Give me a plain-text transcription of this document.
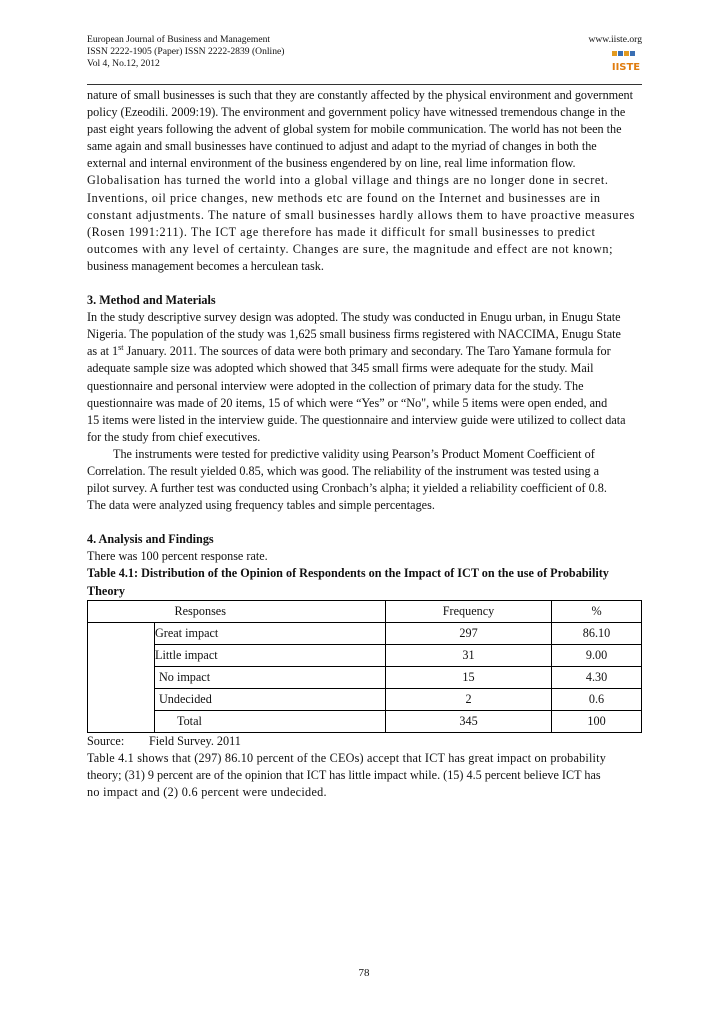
European Journal of Business and Management
ISSN 2222-1905 (Paper) ISSN 2222-2839 (Online)
Vol 4, No.12, 2012
www.iiste.org
IISTE

nature of small businesses is such that they are constantly affected by the physical environment and government

policy (Ezeodili. 2009:19). The environment and government policy have witnessed tremendous change in the

past eight years following the advent of global system for mobile communication. The world has not been the

same again and small businesses have continued to adjust and adapt to the myriad of changes in both the

external and internal environment of the business engendered by on line, real lime information flow.

Globalisation has turned the world into a global village and things are no longer done in secret.

Inventions, oil price changes, new methods etc are found on the Internet and businesses are in

constant adjustments. The nature of small businesses hardly allows them to have proactive measures

(Rosen 1991:211). The ICT age therefore has made it difficult for small businesses to predict

outcomes with any level of certainty. Changes are sure, the magnitude and effect are not known;

business management becomes a herculean task.

3. Method and Materials

In the study descriptive survey design was adopted. The study was conducted in Enugu urban, in Enugu State

Nigeria. The population of the study was 1,625 small business firms registered with NACCIMA, Enugu State

as at 1st January. 2011. The sources of data were both primary and secondary. The Taro Yamane formula for

adequate sample size was adopted which showed that 345 small firms were adequate for the study. Mail

questionnaire and personal interview were adopted in the collection of primary data for the study. The

questionnaire was made of 20 items, 15 of which were “Yes” or “No", while 5 items were open ended, and

15 items were listed in the interview guide. The questionnaire and interview guide were utilized to collect data

for the study from chief executives.

The instruments were tested for predictive validity using Pearson’s Product Moment Coefficient of

Correlation. The result yielded 0.85, which was good. The reliability of the instrument was tested using a

pilot survey. A further test was conducted using Cronbach’s alpha; it yielded a reliability coefficient of 0.8.

The data were analyzed using frequency tables and simple percentages.

4. Analysis and Findings

There was 100 percent response rate.

Table 4.1: Distribution of the Opinion of Respondents on the Impact of ICT on the use of Probability

Theory

	Responses	Frequency	%
	Great impact	297	86.10
	Little impact	31	9.00
	No impact	15	4.30
	Undecided	2	0.6
	Total	345	100

Source: Field Survey. 2011

Table 4.1 shows that (297) 86.10 percent of the CEOs) accept that ICT has great impact on probability

theory; (31) 9 percent are of the opinion that ICT has little impact while. (15) 4.5 percent believe ICT has

no impact and (2) 0.6 percent were undecided.

78
